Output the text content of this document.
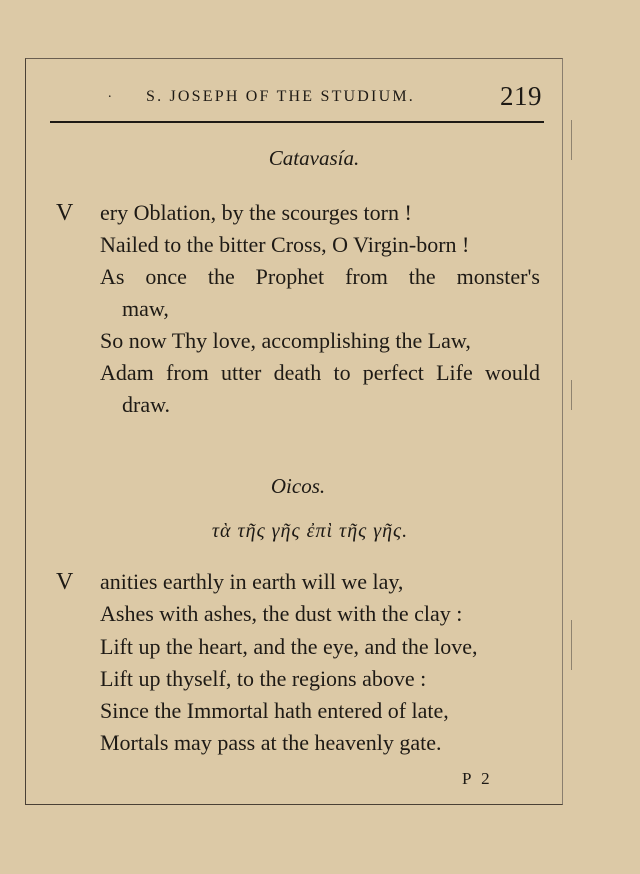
. S. JOSEPH OF THE STUDIUM.	219
Catavasía.
V ery Oblation, by the scourges torn !
Nailed to the bitter Cross, O Virgin-born !
As once the Prophet from the monster's
maw,
So now Thy love, accomplishing the Law,
Adam from utter death to perfect Life would
draw.
Oicos.
τὰ τῆς γῆς ἐπὶ τῆς γῆς.
V anities earthly in earth will we lay,
Ashes with ashes, the dust with the clay :
Lift up the heart, and the eye, and the love,
Lift up thyself, to the regions above :
Since the Immortal hath entered of late,
Mortals may pass at the heavenly gate.
P 2
